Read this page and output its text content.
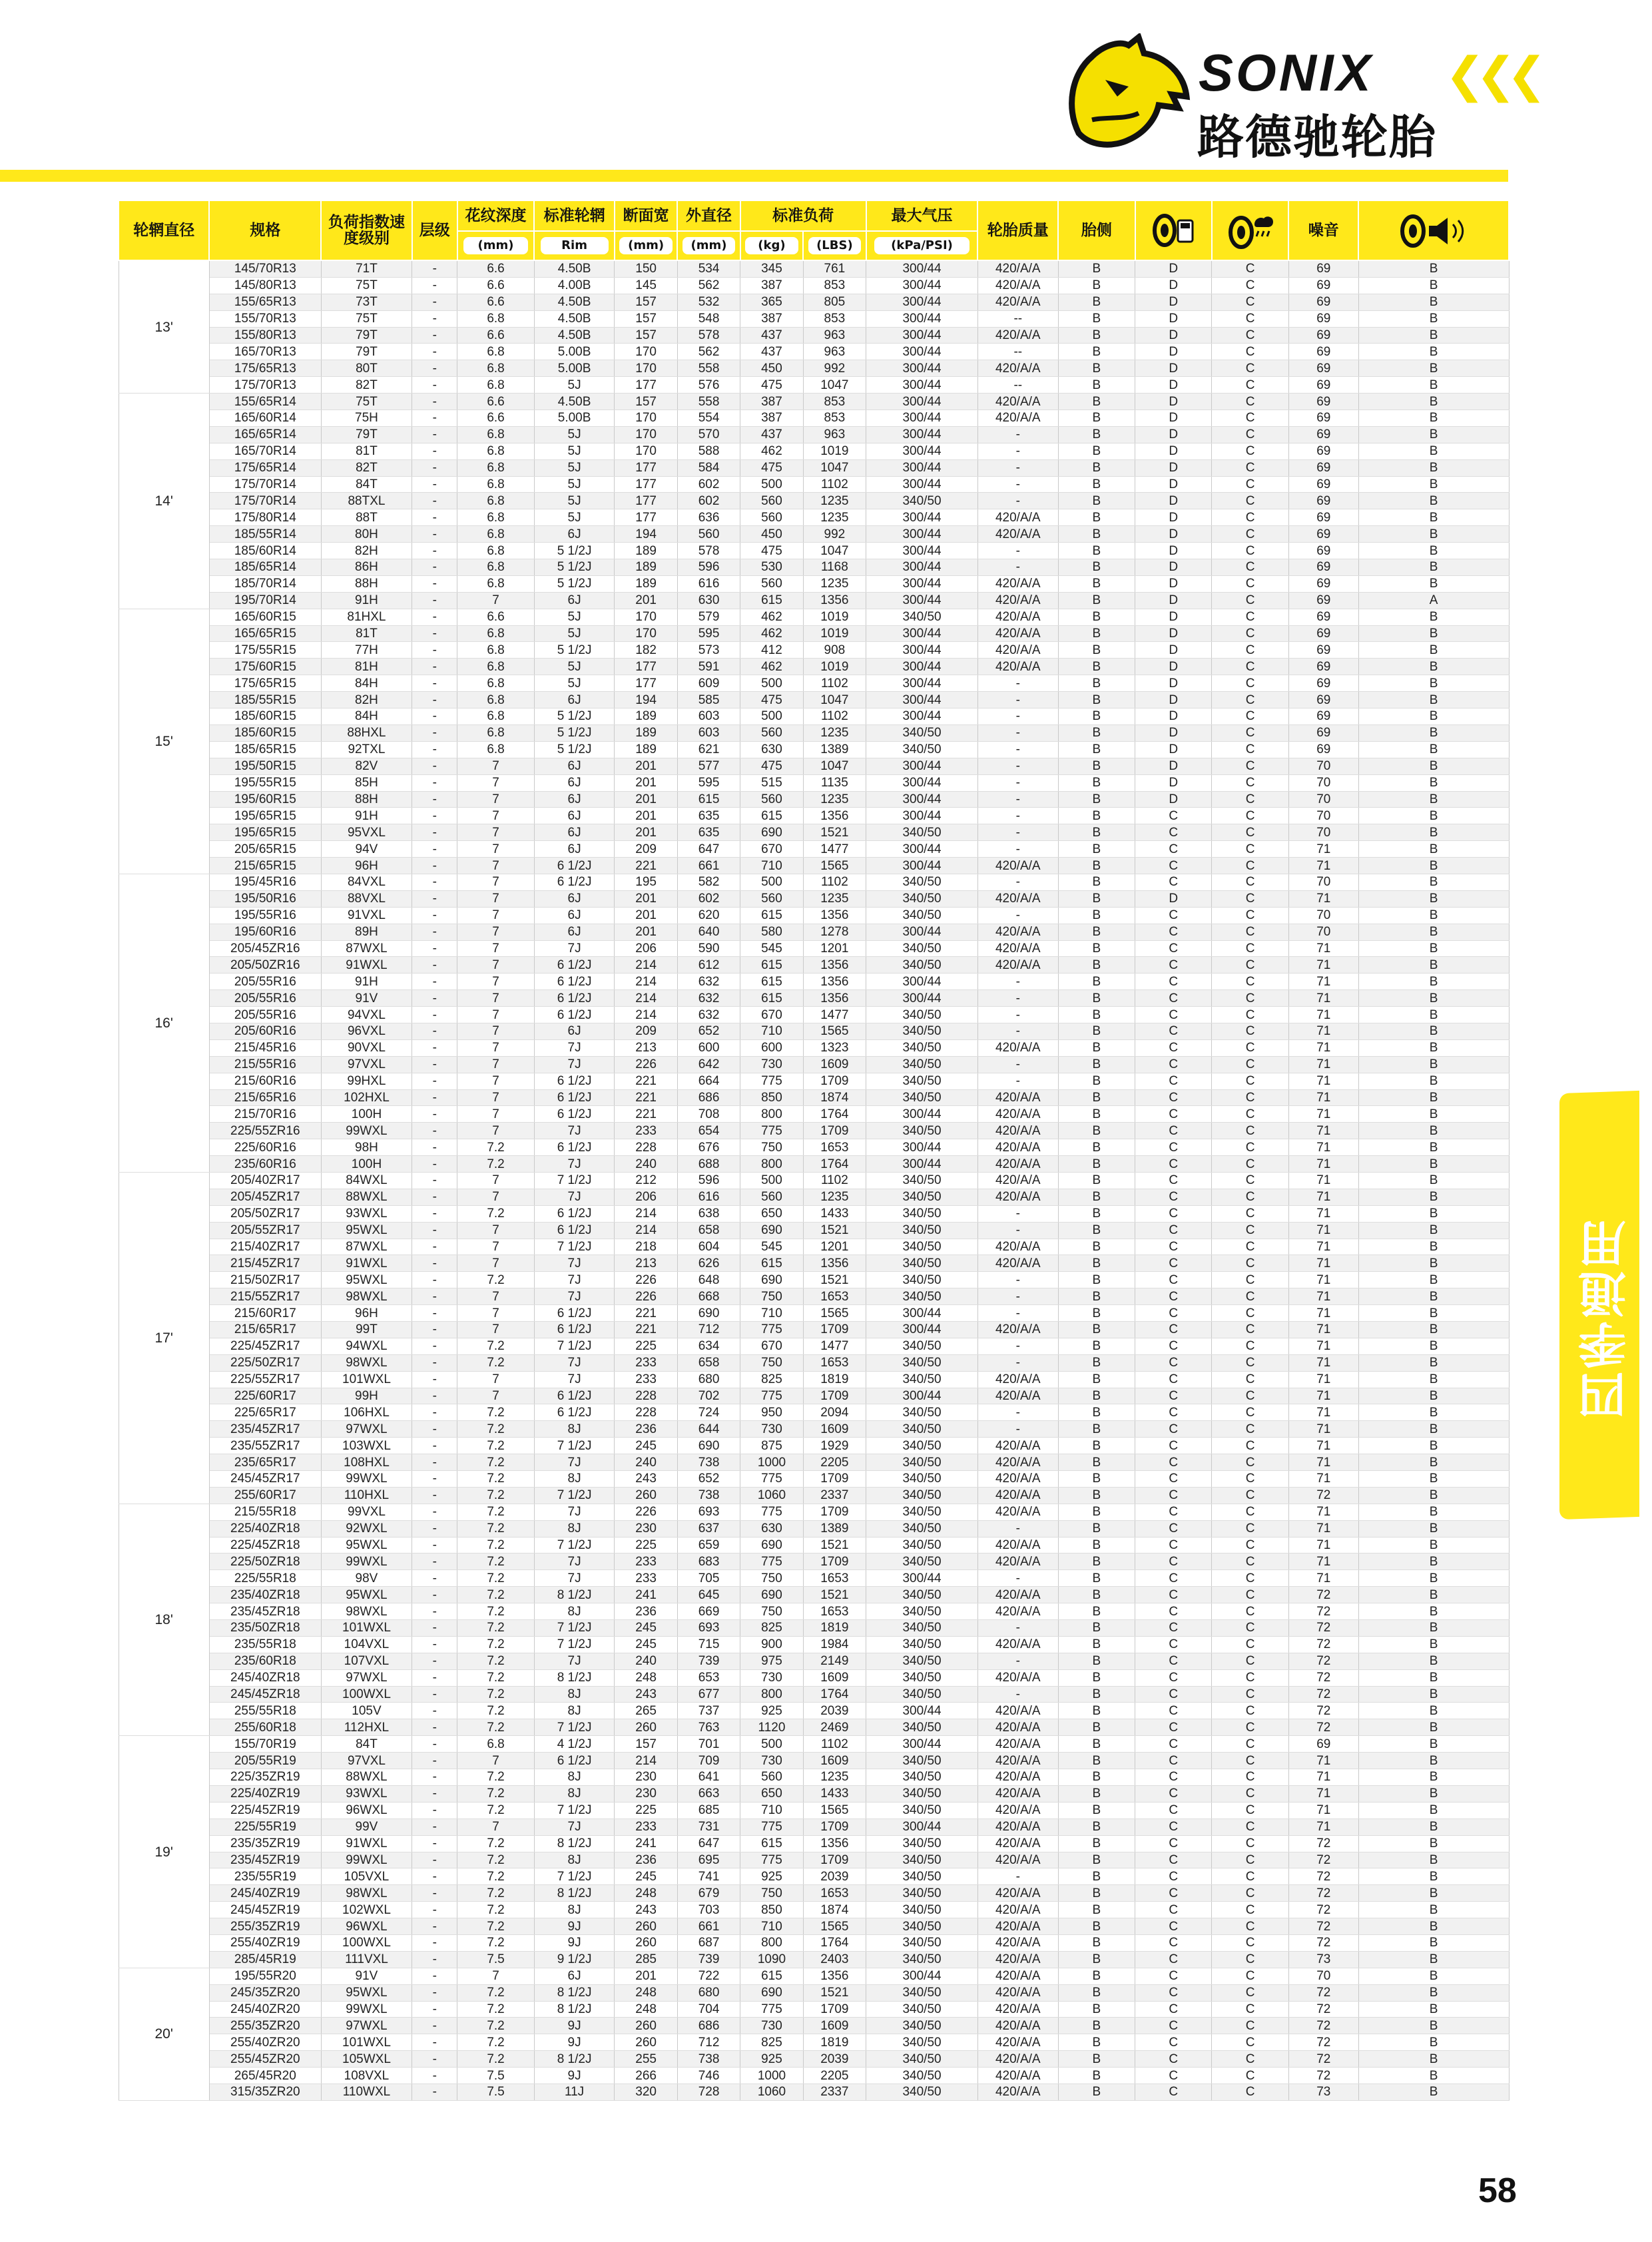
SONIX ❮❮❮
路德驰轮胎
轮辋直径	规格	负荷指数速度级别	层级	花纹深度	标准轮辋	断面宽	外直径	标准负荷		最大气压	轮胎质量	胎侧			噪音	
				(mm)	Rim	(mm)	(mm)	(kg)	(LBS)	(kPa/PSI)						
13'	145/70R13	71T	-	6.6	4.50B	150	534	345	761	300/44	420/A/A	B	D	C	69	B
	145/80R13	75T	-	6.6	4.00B	145	562	387	853	300/44	420/A/A	B	D	C	69	B
	155/65R13	73T	-	6.6	4.50B	157	532	365	805	300/44	420/A/A	B	D	C	69	B
	155/70R13	75T	-	6.8	4.50B	157	548	387	853	300/44	--	B	D	C	69	B
	155/80R13	79T	-	6.6	4.50B	157	578	437	963	300/44	420/A/A	B	D	C	69	B
	165/70R13	79T	-	6.8	5.00B	170	562	437	963	300/44	--	B	D	C	69	B
	175/65R13	80T	-	6.8	5.00B	170	558	450	992	300/44	420/A/A	B	D	C	69	B
	175/70R13	82T	-	6.8	5J	177	576	475	1047	300/44	--	B	D	C	69	B
14'	155/65R14	75T	-	6.6	4.50B	157	558	387	853	300/44	420/A/A	B	D	C	69	B
	165/60R14	75H	-	6.6	5.00B	170	554	387	853	300/44	420/A/A	B	D	C	69	B
	165/65R14	79T	-	6.8	5J	170	570	437	963	300/44	-	B	D	C	69	B
	165/70R14	81T	-	6.8	5J	170	588	462	1019	300/44	-	B	D	C	69	B
	175/65R14	82T	-	6.8	5J	177	584	475	1047	300/44	-	B	D	C	69	B
	175/70R14	84T	-	6.8	5J	177	602	500	1102	300/44	-	B	D	C	69	B
	175/70R14	88TXL	-	6.8	5J	177	602	560	1235	340/50	-	B	D	C	69	B
	175/80R14	88T	-	6.8	5J	177	636	560	1235	300/44	420/A/A	B	D	C	69	B
	185/55R14	80H	-	6.8	6J	194	560	450	992	300/44	420/A/A	B	D	C	69	B
	185/60R14	82H	-	6.8	5 1/2J	189	578	475	1047	300/44	-	B	D	C	69	B
	185/65R14	86H	-	6.8	5 1/2J	189	596	530	1168	300/44	-	B	D	C	69	B
	185/70R14	88H	-	6.8	5 1/2J	189	616	560	1235	300/44	420/A/A	B	D	C	69	B
	195/70R14	91H	-	7	6J	201	630	615	1356	300/44	420/A/A	B	D	C	69	A
15'	165/60R15	81HXL	-	6.6	5J	170	579	462	1019	340/50	420/A/A	B	D	C	69	B
	165/65R15	81T	-	6.8	5J	170	595	462	1019	300/44	420/A/A	B	D	C	69	B
	175/55R15	77H	-	6.8	5 1/2J	182	573	412	908	300/44	420/A/A	B	D	C	69	B
	175/60R15	81H	-	6.8	5J	177	591	462	1019	300/44	420/A/A	B	D	C	69	B
	175/65R15	84H	-	6.8	5J	177	609	500	1102	300/44	-	B	D	C	69	B
	185/55R15	82H	-	6.8	6J	194	585	475	1047	300/44	-	B	D	C	69	B
	185/60R15	84H	-	6.8	5 1/2J	189	603	500	1102	300/44	-	B	D	C	69	B
	185/60R15	88HXL	-	6.8	5 1/2J	189	603	560	1235	340/50	-	B	D	C	69	B
	185/65R15	92TXL	-	6.8	5 1/2J	189	621	630	1389	340/50	-	B	D	C	69	B
	195/50R15	82V	-	7	6J	201	577	475	1047	300/44	-	B	D	C	70	B
	195/55R15	85H	-	7	6J	201	595	515	1135	300/44	-	B	D	C	70	B
	195/60R15	88H	-	7	6J	201	615	560	1235	300/44	-	B	D	C	70	B
	195/65R15	91H	-	7	6J	201	635	615	1356	300/44	-	B	C	C	70	B
	195/65R15	95VXL	-	7	6J	201	635	690	1521	340/50	-	B	C	C	70	B
	205/65R15	94V	-	7	6J	209	647	670	1477	300/44	-	B	C	C	71	B
	215/65R15	96H	-	7	6 1/2J	221	661	710	1565	300/44	420/A/A	B	C	C	71	B
16'	195/45R16	84VXL	-	7	6 1/2J	195	582	500	1102	340/50	-	B	C	C	70	B
	195/50R16	88VXL	-	7	6J	201	602	560	1235	340/50	420/A/A	B	D	C	71	B
	195/55R16	91VXL	-	7	6J	201	620	615	1356	340/50	-	B	C	C	70	B
	195/60R16	89H	-	7	6J	201	640	580	1278	300/44	420/A/A	B	C	C	70	B
	205/45ZR16	87WXL	-	7	7J	206	590	545	1201	340/50	420/A/A	B	C	C	71	B
	205/50ZR16	91WXL	-	7	6 1/2J	214	612	615	1356	340/50	420/A/A	B	C	C	71	B
	205/55R16	91H	-	7	6 1/2J	214	632	615	1356	300/44	-	B	C	C	71	B
	205/55R16	91V	-	7	6 1/2J	214	632	615	1356	300/44	-	B	C	C	71	B
	205/55R16	94VXL	-	7	6 1/2J	214	632	670	1477	340/50	-	B	C	C	71	B
	205/60R16	96VXL	-	7	6J	209	652	710	1565	340/50	-	B	C	C	71	B
	215/45R16	90VXL	-	7	7J	213	600	600	1323	340/50	420/A/A	B	C	C	71	B
	215/55R16	97VXL	-	7	7J	226	642	730	1609	340/50	-	B	C	C	71	B
	215/60R16	99HXL	-	7	6 1/2J	221	664	775	1709	340/50	-	B	C	C	71	B
	215/65R16	102HXL	-	7	6 1/2J	221	686	850	1874	340/50	420/A/A	B	C	C	71	B
	215/70R16	100H	-	7	6 1/2J	221	708	800	1764	300/44	420/A/A	B	C	C	71	B
	225/55ZR16	99WXL	-	7	7J	233	654	775	1709	340/50	420/A/A	B	C	C	71	B
	225/60R16	98H	-	7.2	6 1/2J	228	676	750	1653	300/44	420/A/A	B	C	C	71	B
	235/60R16	100H	-	7.2	7J	240	688	800	1764	300/44	420/A/A	B	C	C	71	B
17'	205/40ZR17	84WXL	-	7	7 1/2J	212	596	500	1102	340/50	420/A/A	B	C	C	71	B
	205/45ZR17	88WXL	-	7	7J	206	616	560	1235	340/50	420/A/A	B	C	C	71	B
	205/50ZR17	93WXL	-	7.2	6 1/2J	214	638	650	1433	340/50	-	B	C	C	71	B
	205/55ZR17	95WXL	-	7	6 1/2J	214	658	690	1521	340/50	-	B	C	C	71	B
	215/40ZR17	87WXL	-	7	7 1/2J	218	604	545	1201	340/50	420/A/A	B	C	C	71	B
	215/45ZR17	91WXL	-	7	7J	213	626	615	1356	340/50	420/A/A	B	C	C	71	B
	215/50ZR17	95WXL	-	7.2	7J	226	648	690	1521	340/50	-	B	C	C	71	B
	215/55ZR17	98WXL	-	7	7J	226	668	750	1653	340/50	-	B	C	C	71	B
	215/60R17	96H	-	7	6 1/2J	221	690	710	1565	300/44	-	B	C	C	71	B
	215/65R17	99T	-	7	6 1/2J	221	712	775	1709	300/44	420/A/A	B	C	C	71	B
	225/45ZR17	94WXL	-	7.2	7 1/2J	225	634	670	1477	340/50	-	B	C	C	71	B
	225/50ZR17	98WXL	-	7.2	7J	233	658	750	1653	340/50	-	B	C	C	71	B
	225/55ZR17	101WXL	-	7	7J	233	680	825	1819	340/50	420/A/A	B	C	C	71	B
	225/60R17	99H	-	7	6 1/2J	228	702	775	1709	300/44	420/A/A	B	C	C	71	B
	225/65R17	106HXL	-	7.2	6 1/2J	228	724	950	2094	340/50	-	B	C	C	71	B
	235/45ZR17	97WXL	-	7.2	8J	236	644	730	1609	340/50	-	B	C	C	71	B
	235/55ZR17	103WXL	-	7.2	7 1/2J	245	690	875	1929	340/50	420/A/A	B	C	C	71	B
	235/65R17	108HXL	-	7.2	7J	240	738	1000	2205	340/50	420/A/A	B	C	C	71	B
	245/45ZR17	99WXL	-	7.2	8J	243	652	775	1709	340/50	420/A/A	B	C	C	71	B
	255/60R17	110HXL	-	7.2	7 1/2J	260	738	1060	2337	340/50	420/A/A	B	C	C	72	B
18'	215/55R18	99VXL	-	7.2	7J	226	693	775	1709	340/50	420/A/A	B	C	C	71	B
	225/40ZR18	92WXL	-	7.2	8J	230	637	630	1389	340/50	-	B	C	C	71	B
	225/45ZR18	95WXL	-	7.2	7 1/2J	225	659	690	1521	340/50	420/A/A	B	C	C	71	B
	225/50ZR18	99WXL	-	7.2	7J	233	683	775	1709	340/50	420/A/A	B	C	C	71	B
	225/55R18	98V	-	7.2	7J	233	705	750	1653	300/44	-	B	C	C	71	B
	235/40ZR18	95WXL	-	7.2	8 1/2J	241	645	690	1521	340/50	420/A/A	B	C	C	72	B
	235/45ZR18	98WXL	-	7.2	8J	236	669	750	1653	340/50	420/A/A	B	C	C	72	B
	235/50ZR18	101WXL	-	7.2	7 1/2J	245	693	825	1819	340/50	-	B	C	C	72	B
	235/55R18	104VXL	-	7.2	7 1/2J	245	715	900	1984	340/50	420/A/A	B	C	C	72	B
	235/60R18	107VXL	-	7.2	7J	240	739	975	2149	340/50	-	B	C	C	72	B
	245/40ZR18	97WXL	-	7.2	8 1/2J	248	653	730	1609	340/50	420/A/A	B	C	C	72	B
	245/45ZR18	100WXL	-	7.2	8J	243	677	800	1764	340/50	-	B	C	C	72	B
	255/55R18	105V	-	7.2	8J	265	737	925	2039	300/44	420/A/A	B	C	C	72	B
	255/60R18	112HXL	-	7.2	7 1/2J	260	763	1120	2469	340/50	420/A/A	B	C	C	72	B
19'	155/70R19	84T	-	6.8	4 1/2J	157	701	500	1102	300/44	420/A/A	B	C	C	69	B
	205/55R19	97VXL	-	7	6 1/2J	214	709	730	1609	340/50	420/A/A	B	C	C	71	B
	225/35ZR19	88WXL	-	7.2	8J	230	641	560	1235	340/50	420/A/A	B	C	C	71	B
	225/40ZR19	93WXL	-	7.2	8J	230	663	650	1433	340/50	420/A/A	B	C	C	71	B
	225/45ZR19	96WXL	-	7.2	7 1/2J	225	685	710	1565	340/50	420/A/A	B	C	C	71	B
	225/55R19	99V	-	7	7J	233	731	775	1709	300/44	420/A/A	B	C	C	71	B
	235/35ZR19	91WXL	-	7.2	8 1/2J	241	647	615	1356	340/50	420/A/A	B	C	C	72	B
	235/45ZR19	99WXL	-	7.2	8J	236	695	775	1709	340/50	420/A/A	B	C	C	72	B
	235/55R19	105VXL	-	7.2	7 1/2J	245	741	925	2039	340/50	-	B	C	C	72	B
	245/40ZR19	98WXL	-	7.2	8 1/2J	248	679	750	1653	340/50	420/A/A	B	C	C	72	B
	245/45ZR19	102WXL	-	7.2	8J	243	703	850	1874	340/50	420/A/A	B	C	C	72	B
	255/35ZR19	96WXL	-	7.2	9J	260	661	710	1565	340/50	420/A/A	B	C	C	72	B
	255/40ZR19	100WXL	-	7.2	9J	260	687	800	1764	340/50	420/A/A	B	C	C	72	B
	285/45R19	111VXL	-	7.5	9 1/2J	285	739	1090	2403	340/50	420/A/A	B	C	C	73	B
20'	195/55R20	91V	-	7	6J	201	722	615	1356	300/44	420/A/A	B	C	C	70	B
	245/35ZR20	95WXL	-	7.2	8 1/2J	248	680	690	1521	340/50	420/A/A	B	C	C	72	B
	245/40ZR20	99WXL	-	7.2	8 1/2J	248	704	775	1709	340/50	420/A/A	B	C	C	72	B
	255/35ZR20	97WXL	-	7.2	9J	260	686	730	1609	340/50	420/A/A	B	C	C	72	B
	255/40ZR20	101WXL	-	7.2	9J	260	712	825	1819	340/50	420/A/A	B	C	C	72	B
	255/45ZR20	105WXL	-	7.2	8 1/2J	255	738	925	2039	340/50	420/A/A	B	C	C	72	B
	265/45R20	108VXL	-	7.5	9J	266	746	1000	2205	340/50	420/A/A	B	C	C	72	B
	315/35ZR20	110WXL	-	7.5	11J	320	728	1060	2337	340/50	420/A/A	B	C	C	73	B
四季通用
58
